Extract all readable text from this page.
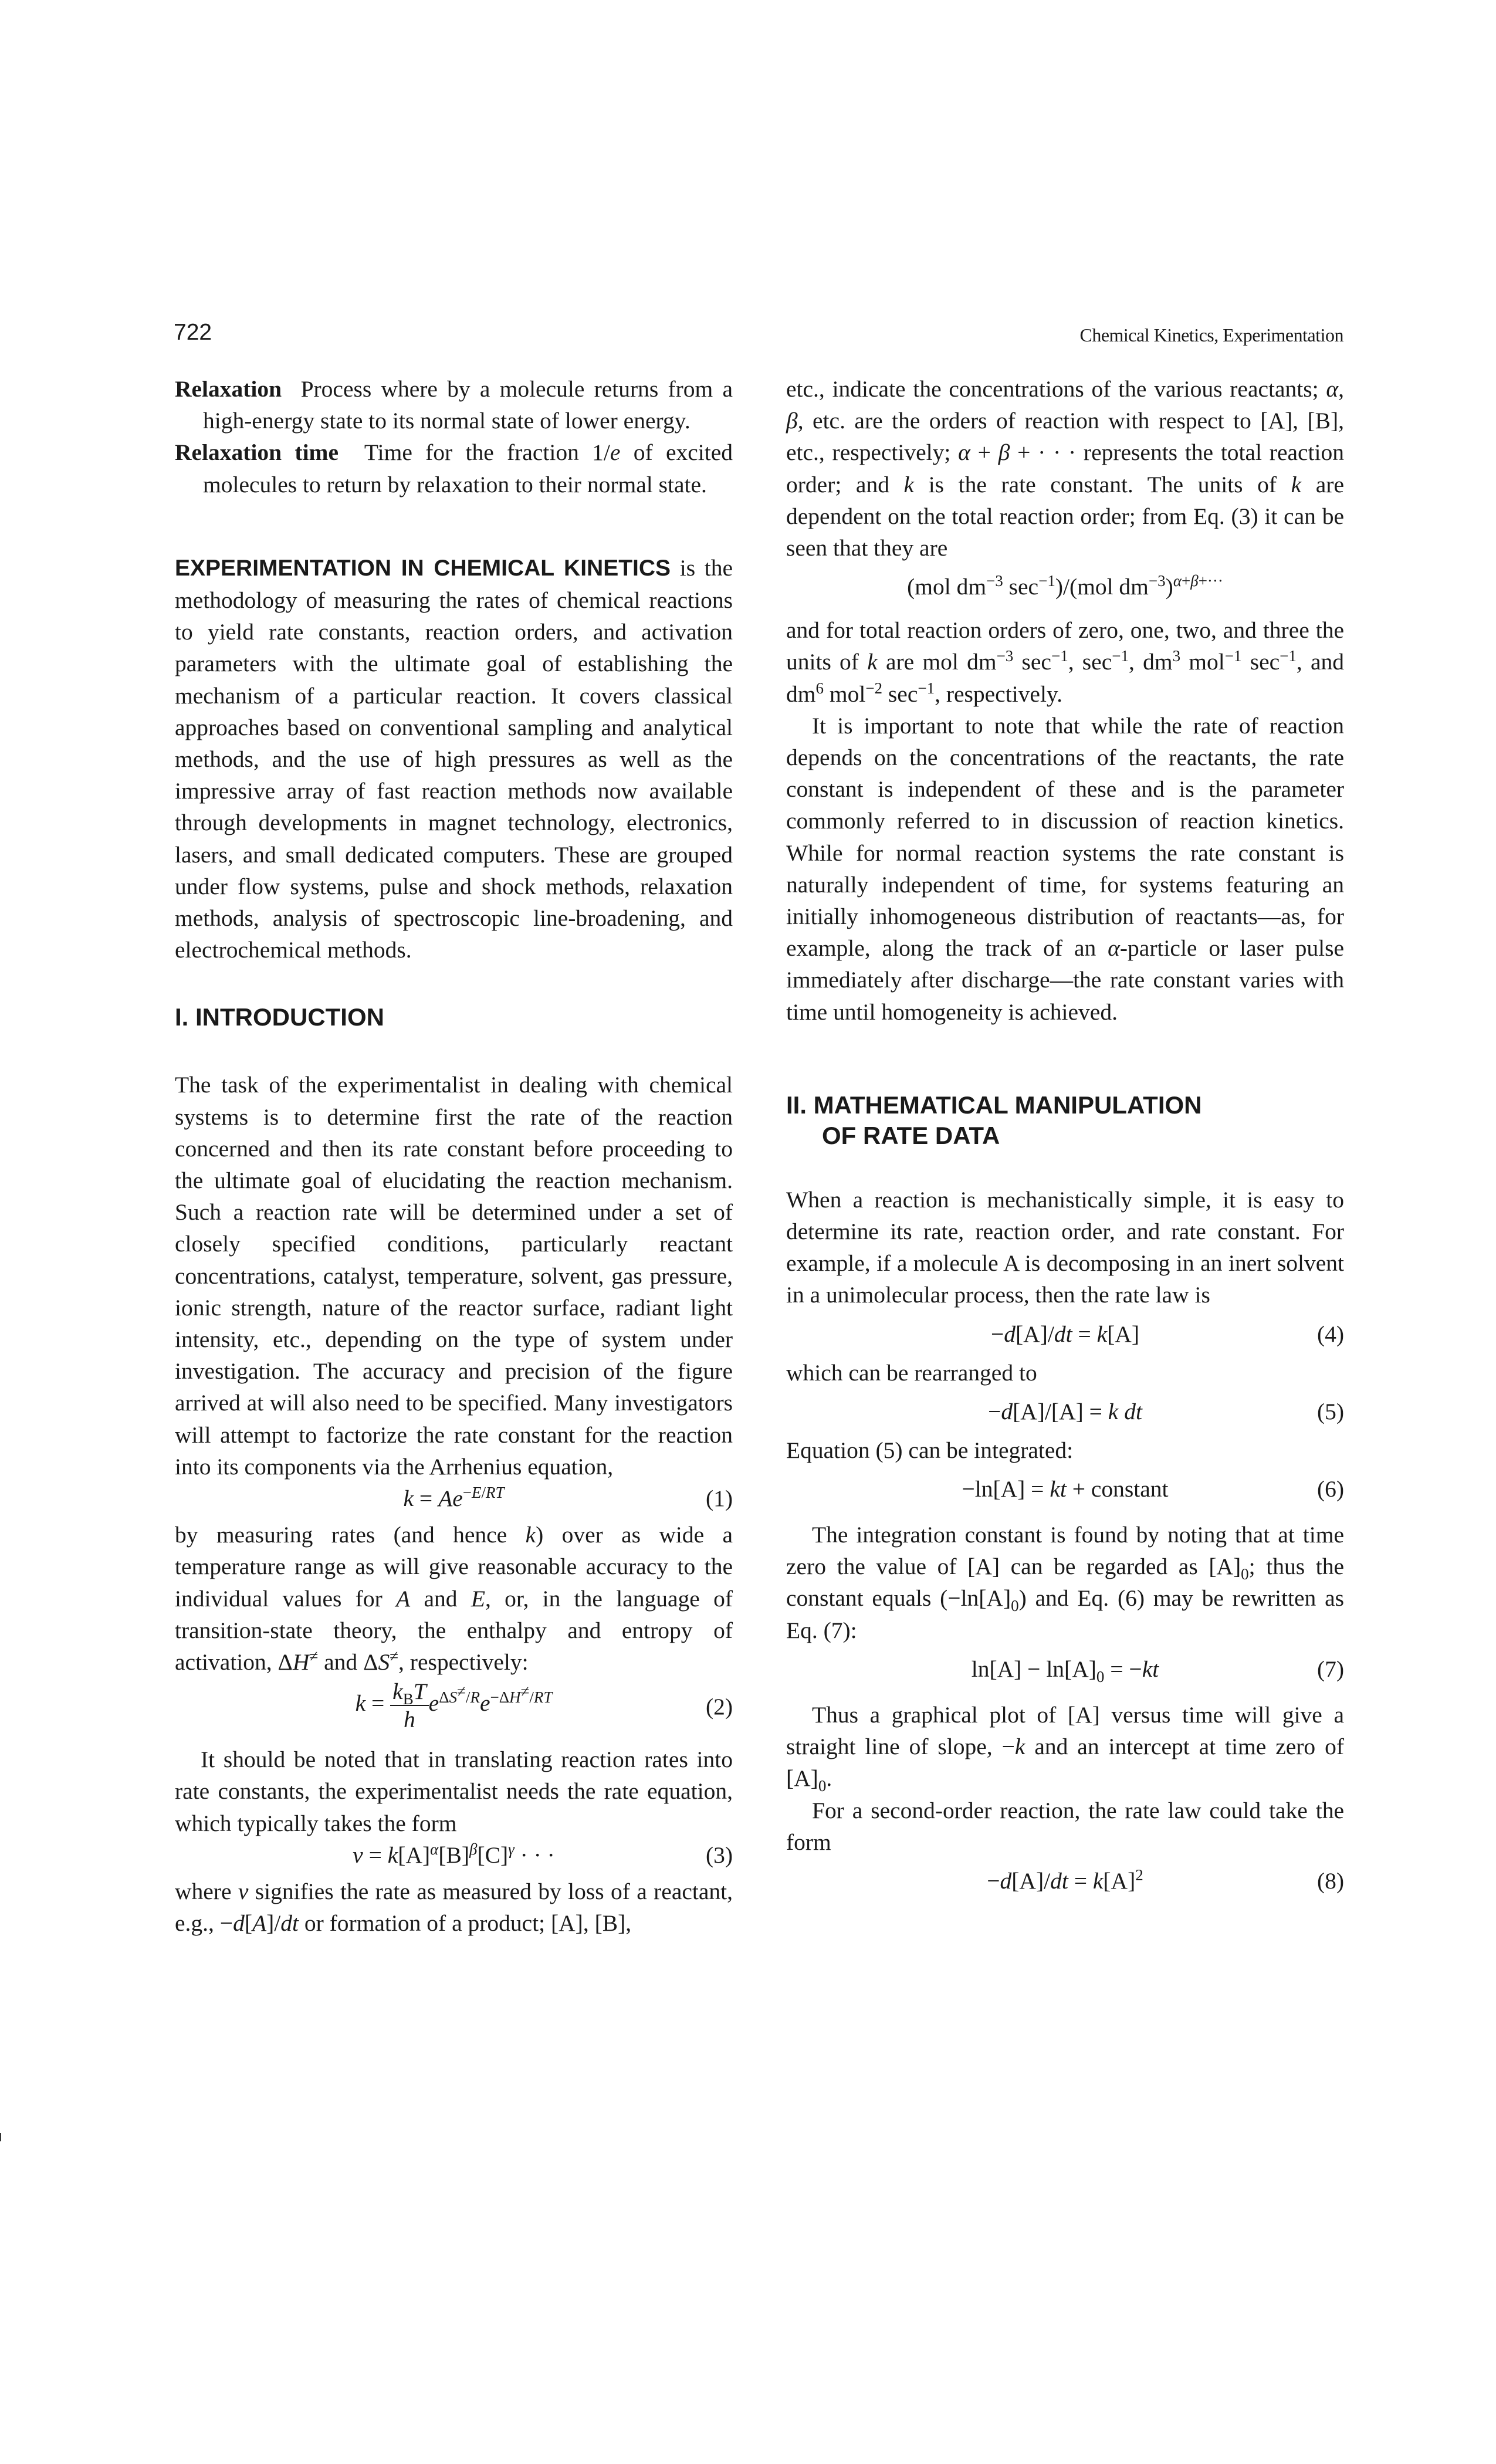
722	Chemical Kinetics, Experimentation

Relaxation Process where by a molecule returns from a high-energy state to its normal state of lower energy.

Relaxation time Time for the fraction 1/e of excited molecules to return by relaxation to their normal state.

EXPERIMENTATION IN CHEMICAL KINETICS is the methodology of measuring the rates of chemical reactions to yield rate constants, reaction orders, and activation parameters with the ultimate goal of establishing the mechanism of a particular reaction. It covers classical approaches based on conventional sampling and analytical methods, and the use of high pressures as well as the impressive array of fast reaction methods now available through developments in magnet technology, electronics, lasers, and small dedicated computers. These are grouped under flow systems, pulse and shock methods, relaxation methods, analysis of spectroscopic line-broadening, and electrochemical methods.

I. INTRODUCTION

The task of the experimentalist in dealing with chemical systems is to determine first the rate of the reaction concerned and then its rate constant before proceeding to the ultimate goal of elucidating the reaction mechanism. Such a reaction rate will be determined under a set of closely specified conditions, particularly reactant concentrations, catalyst, temperature, solvent, gas pressure, ionic strength, nature of the reactor surface, radiant light intensity, etc., depending on the type of system under investigation. The accuracy and precision of the figure arrived at will also need to be specified. Many investigators will attempt to factorize the rate constant for the reaction into its components via the Arrhenius equation,

$k = Ae^{-E/RT}$	(1)

by measuring rates (and hence k) over as wide a temperature range as will give reasonable accuracy to the individual values for A and E, or, in the language of transition-state theory, the enthalpy and entropy of activation, ΔH≠ and ΔS≠, respectively:

$k = \frac{k_BT}{h} e^{\Delta S^\ne/R}e^{-\Delta H^\ne/RT}$	(2)

It should be noted that in translating reaction rates into rate constants, the experimentalist needs the rate equation, which typically takes the form

$v = k[A]^\alpha[B]^\beta[C]^\gamma$ · · ·	(3)

where v signifies the rate as measured by loss of a reactant, e.g., −d[A]/dt or formation of a product; [A], [B],

etc., indicate the concentrations of the various reactants; α, β, etc. are the orders of reaction with respect to [A], [B], etc., respectively; α + β + · · · represents the total reaction order; and k is the rate constant. The units of k are dependent on the total reaction order; from Eq. (3) it can be seen that they are

(mol $dm^{-3}$ $\sec^{-1})/(mol$ $dm^{-3})^{\alpha+\beta+\cdot\cdot\cdot}$

and for total reaction orders of zero, one, two, and three the units of k are mol $dm^{-3}$ $\sec^{-1}$, $\sec^{-1}$, $dm^3$ mol$^{-1}$ $\sec^{-1}$, and $dm^6$ mol$^{-2}$ $\sec^{-1}$, respectively.

It is important to note that while the rate of reaction depends on the concentrations of the reactants, the rate constant is independent of these and is the parameter commonly referred to in discussion of reaction kinetics. While for normal reaction systems the rate constant is naturally independent of time, for systems featuring an initially inhomogeneous distribution of reactants—as, for example, along the track of an α-particle or laser pulse immediately after discharge—the rate constant varies with time until homogeneity is achieved.

II. MATHEMATICAL MANIPULATION
OF RATE DATA

When a reaction is mechanistically simple, it is easy to determine its rate, reaction order, and rate constant. For example, if a molecule A is decomposing in an inert solvent in a unimolecular process, then the rate law is

−d[A]/dt = k[A]	(4)

which can be rearranged to

−d[A]/[A] = k dt	(5)

Equation (5) can be integrated:

−ln[A] = kt + constant	(6)

The integration constant is found by noting that at time zero the value of [A] can be regarded as $[A]_0$; thus the constant equals $(-\ln[A]_0)$ and Eq. (6) may be rewritten as Eq. (7):

$\ln[A] - \ln[A]_0 = -kt$	(7)

Thus a graphical plot of [A] versus time will give a straight line of slope, −k and an intercept at time zero of $[A]_0$.

For a second-order reaction, the rate law could take the form

$-d[A]/dt = k[A]^2$	(8)
